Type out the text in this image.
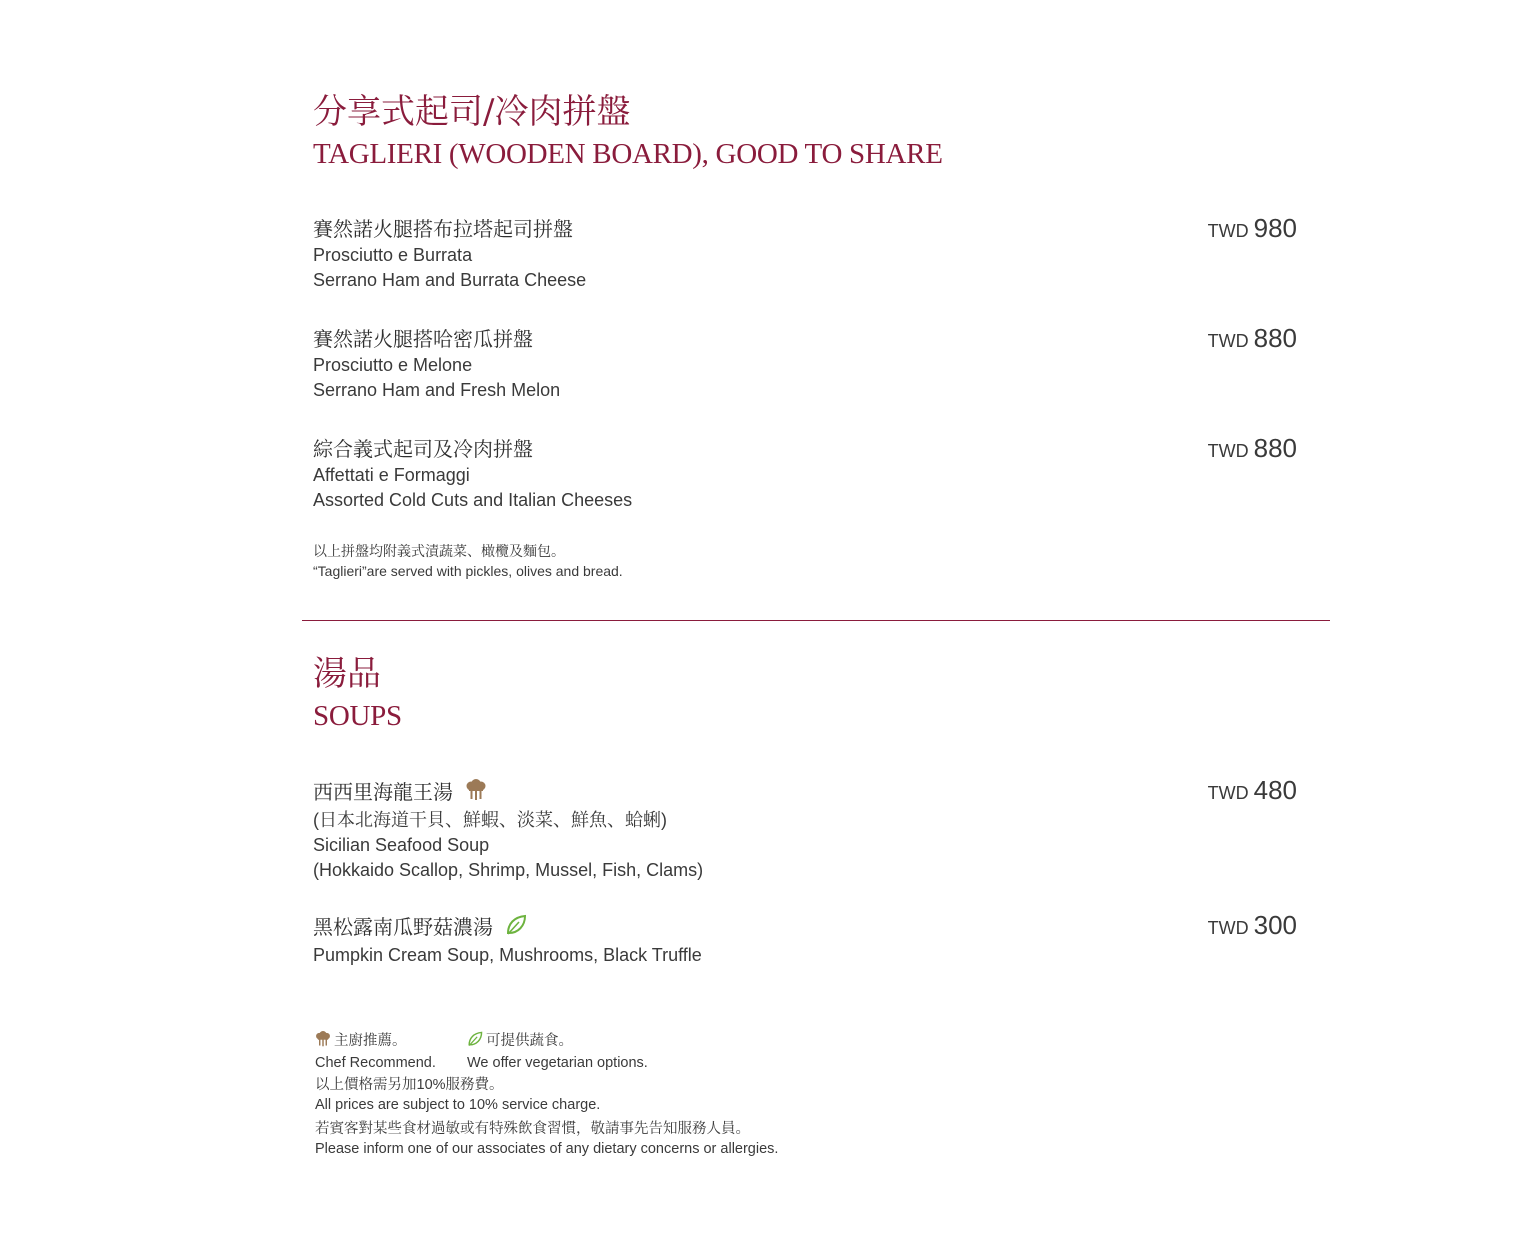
分享式起司/冷肉拼盤
TAGLIERI (WOODEN BOARD), GOOD TO SHARE
賽然諾火腿搭布拉塔起司拼盤
Prosciutto e Burrata
Serrano Ham and Burrata Cheese
TWD 980
賽然諾火腿搭哈密瓜拼盤
Prosciutto e Melone
Serrano Ham and Fresh Melon
TWD 880
綜合義式起司及冷肉拼盤
Affettati e Formaggi
Assorted Cold Cuts and Italian Cheeses
TWD 880
以上拼盤均附義式漬蔬菜、橄欖及麵包。
“Taglieri”are served with pickles, olives and bread.
湯品
SOUPS
西西里海龍王湯
(日本北海道干貝、鮮蝦、淡菜、鮮魚、蛤蜊)
Sicilian Seafood Soup
(Hokkaido Scallop, Shrimp, Mussel, Fish, Clams)
TWD 480
黑松露南瓜野菇濃湯
Pumpkin Cream Soup, Mushrooms, Black Truffle
TWD 300
主廚推薦。
Chef Recommend.
可提供蔬食。
We offer vegetarian options.
以上價格需另加10%服務費。
All prices are subject to 10% service charge.
若賓客對某些食材過敏或有特殊飲食習慣，敬請事先告知服務人員。
Please inform one of our associates of any dietary concerns or allergies.
